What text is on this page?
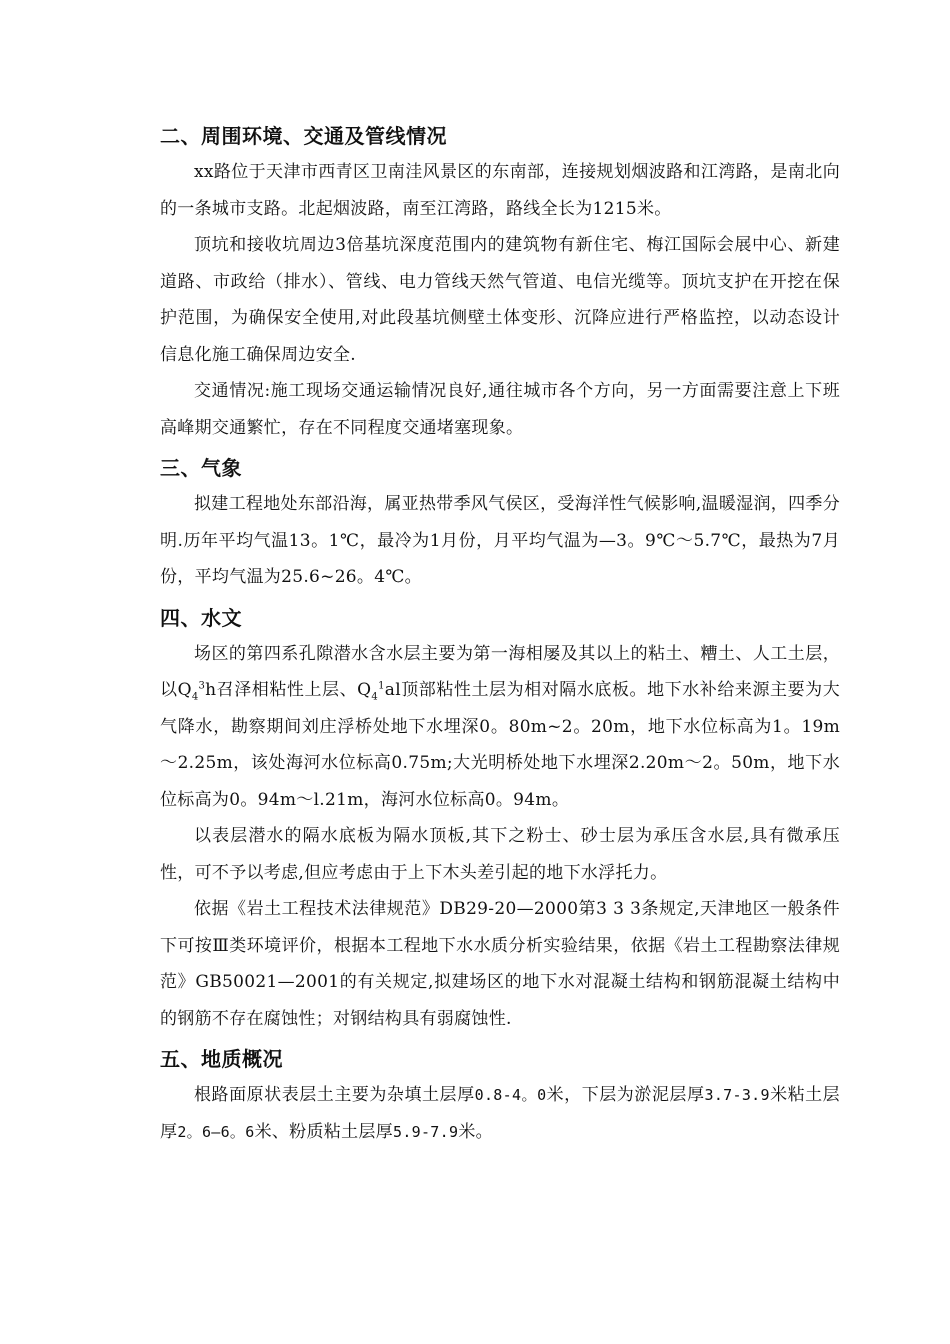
二、周围环境、交通及管线情况

xx路位于天津市西青区卫南洼风景区的东南部，连接规划烟波路和江湾路，是南北向的一条城市支路。北起烟波路，南至江湾路，路线全长为1215米。

顶坑和接收坑周边3倍基坑深度范围内的建筑物有新住宅、梅江国际会展中心、新建道路、市政给（排水）、管线、电力管线天然气管道、电信光缆等。顶坑支护在开挖在保护范围，为确保安全使用,对此段基坑侧壁土体变形、沉降应进行严格监控，以动态设计信息化施工确保周边安全.

交通情况:施工现场交通运输情况良好,通往城市各个方向，另一方面需要注意上下班高峰期交通繁忙，存在不同程度交通堵塞现象。

三、气象

拟建工程地处东部沿海，属亚热带季风气侯区，受海洋性气候影响,温暖湿润，四季分明.历年平均气温13。1℃，最冷为1月份，月平均气温为—3。9℃～5.7℃，最热为7月份，平均气温为25.6~26。4℃。

四、水文

场区的第四系孔隙潜水含水层主要为第一海相屡及其以上的粘土、糟土、人工土层，以$Q_4^3h$召泽相粘性上层、$Q_4^1al$顶部粘性土层为相对隔水底板。地下水补给来源主要为大气降水，勘察期间刘庄浮桥处地下水埋深0。80m~2。20m，地下水位标高为1。19m～2.25m，该处海河水位标高0.75m;大光明桥处地下水埋深2.20m～2。50m，地下水位标高为0。94m～l.21m，海河水位标高0。94m。

以表层潜水的隔水底板为隔水顶板,其下之粉士、砂士层为承压含水层,具有微承压性，可不予以考虑,但应考虑由于上下木头差引起的地下水浮托力。

依据《岩土工程技术法律规范》DB29-20—2000第3 3 3条规定,天津地区一般条件下可按Ⅲ类环境评价，根据本工程地下水水质分析实验结果，依据《岩土工程勘察法律规范》GB50021—2001的有关规定,拟建场区的地下水对混凝土结构和钢筋混凝土结构中的钢筋不存在腐蚀性；对钢结构具有弱腐蚀性.

五、地质概况

根路面原状表层土主要为杂填土层厚0.8-4。0米，下层为淤泥层厚3.7-3.9米粘土层厚2。6—6。6米、粉质粘土层厚5.9-7.9米。
